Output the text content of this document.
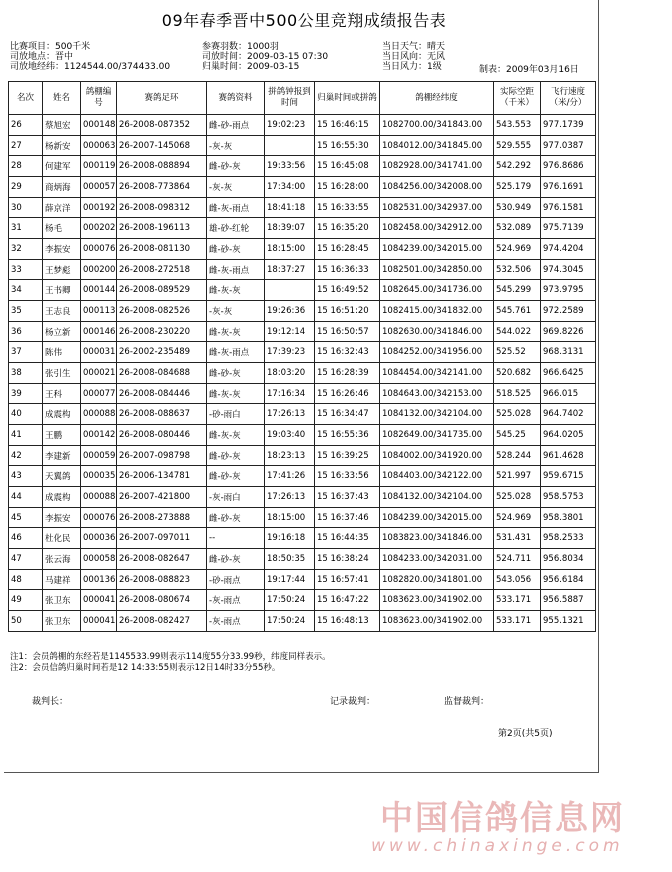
09年春季晋中500公里竞翔成绩报告表
比赛项目：500千米
司放地点：晋中
司放地经纬：1124544.00/374433.00
参赛羽数：1000羽
司放时间：2009-03-15 07:30
归巢时间：2009-03-15
当日天气：晴天
当日风向：无风
当日风力：1级	制表：2009年03月16日
名次	姓名	鸽棚编号	赛鸽足环	赛鸽资料	拼鸽钟报到时间	归巢时间或拼鸽	鸽棚经纬度	实际空距（千米）	飞行速度（米/分）
26	蔡旭宏	000148	26-2008-087352	雌-砂-雨点	19:02:23	15 16:46:15	1082700.00/341843.00	543.553	977.1739
27	杨新安	000063	26-2007-145068	-灰-灰		15 16:55:30	1084012.00/341845.00	529.555	977.0387
28	何建军	000119	26-2008-088894	雌-砂-灰	19:33:56	15 16:45:08	1082928.00/341741.00	542.292	976.8686
29	商炳海	000057	26-2008-773864	-灰-灰	17:34:00	15 16:28:00	1084256.00/342008.00	525.179	976.1691
30	薛京洋	000192	26-2008-098312	雌-灰-雨点	18:41:18	15 16:33:55	1082531.00/342937.00	530.949	976.1581
31	杨毛	000202	26-2008-196113	雄-砂-红轮	18:39:07	15 16:35:20	1082458.00/342912.00	532.089	975.7139
32	李振安	000076	26-2008-081130	雌-砂-灰	18:15:00	15 16:28:45	1084239.00/342015.00	524.969	974.4204
33	王梦彪	000200	26-2008-272518	雌-灰-雨点	18:37:27	15 16:36:33	1082501.00/342850.00	532.506	974.3045
34	王书卿	000144	26-2008-089529	雌-灰-灰		15 16:49:52	1082645.00/341736.00	545.299	973.9795
35	王志良	000113	26-2008-082526	-灰-灰	19:26:36	15 16:51:20	1082415.00/341832.00	545.761	972.2589
36	杨立新	000146	26-2008-230220	雌-灰-灰	19:12:14	15 16:50:57	1082630.00/341846.00	544.022	969.8226
37	陈伟	000031	26-2002-235489	雌-灰-雨点	17:39:23	15 16:32:43	1084252.00/341956.00	525.52	968.3131
38	张引生	000021	26-2008-084688	雌-砂-灰	18:03:20	15 16:28:39	1084454.00/342141.00	520.682	966.6425
39	王科	000077	26-2008-084446	雌-灰-灰	17:16:34	15 16:26:46	1084643.00/342153.00	518.525	966.015
40	成震构	000088	26-2008-088637	-砂-雨白	17:26:13	15 16:34:47	1084132.00/342104.00	525.028	964.7402
41	王鹏	000142	26-2008-080446	雌-灰-灰	19:03:40	15 16:55:36	1082649.00/341735.00	545.25	964.0205
42	李建新	000059	26-2007-098798	雌-砂-灰	18:23:13	15 16:39:25	1084002.00/341920.00	528.244	961.4628
43	天翼鸽	000035	26-2006-134781	雌-砂-灰	17:41:26	15 16:33:56	1084403.00/342122.00	521.997	959.6715
44	成震构	000088	26-2007-421800	-灰-雨白	17:26:13	15 16:37:43	1084132.00/342104.00	525.028	958.5753
45	李振安	000076	26-2008-273888	雌-砂-灰	18:15:00	15 16:37:46	1084239.00/342015.00	524.969	958.3801
46	杜化民	000036	26-2007-097011	--	19:16:18	15 16:44:35	1083823.00/341846.00	531.431	958.2533
47	张云海	000058	26-2008-082647	雌-砂-灰	18:50:35	15 16:38:24	1084233.00/342031.00	524.711	956.8034
48	马建祥	000136	26-2008-088823	-砂-雨点	19:17:44	15 16:57:41	1082820.00/341801.00	543.056	956.6184
49	张卫东	000041	26-2008-080674	-灰-雨点	17:50:24	15 16:47:22	1083623.00/341902.00	533.171	956.5887
50	张卫东	000041	26-2008-082427	-灰-雨点	17:50:24	15 16:48:13	1083623.00/341902.00	533.171	955.1321
注1：会员鸽棚的东经若是1145533.99则表示114度55分33.99秒，纬度同样表示。
注2：会员信鸽归巢时间若是12 14:33:55则表示12日14时33分55秒。
裁判长：	记录裁判：	监督裁判：
第2页(共5页)
中国信鸽信息网
www.chinaxinge.com
